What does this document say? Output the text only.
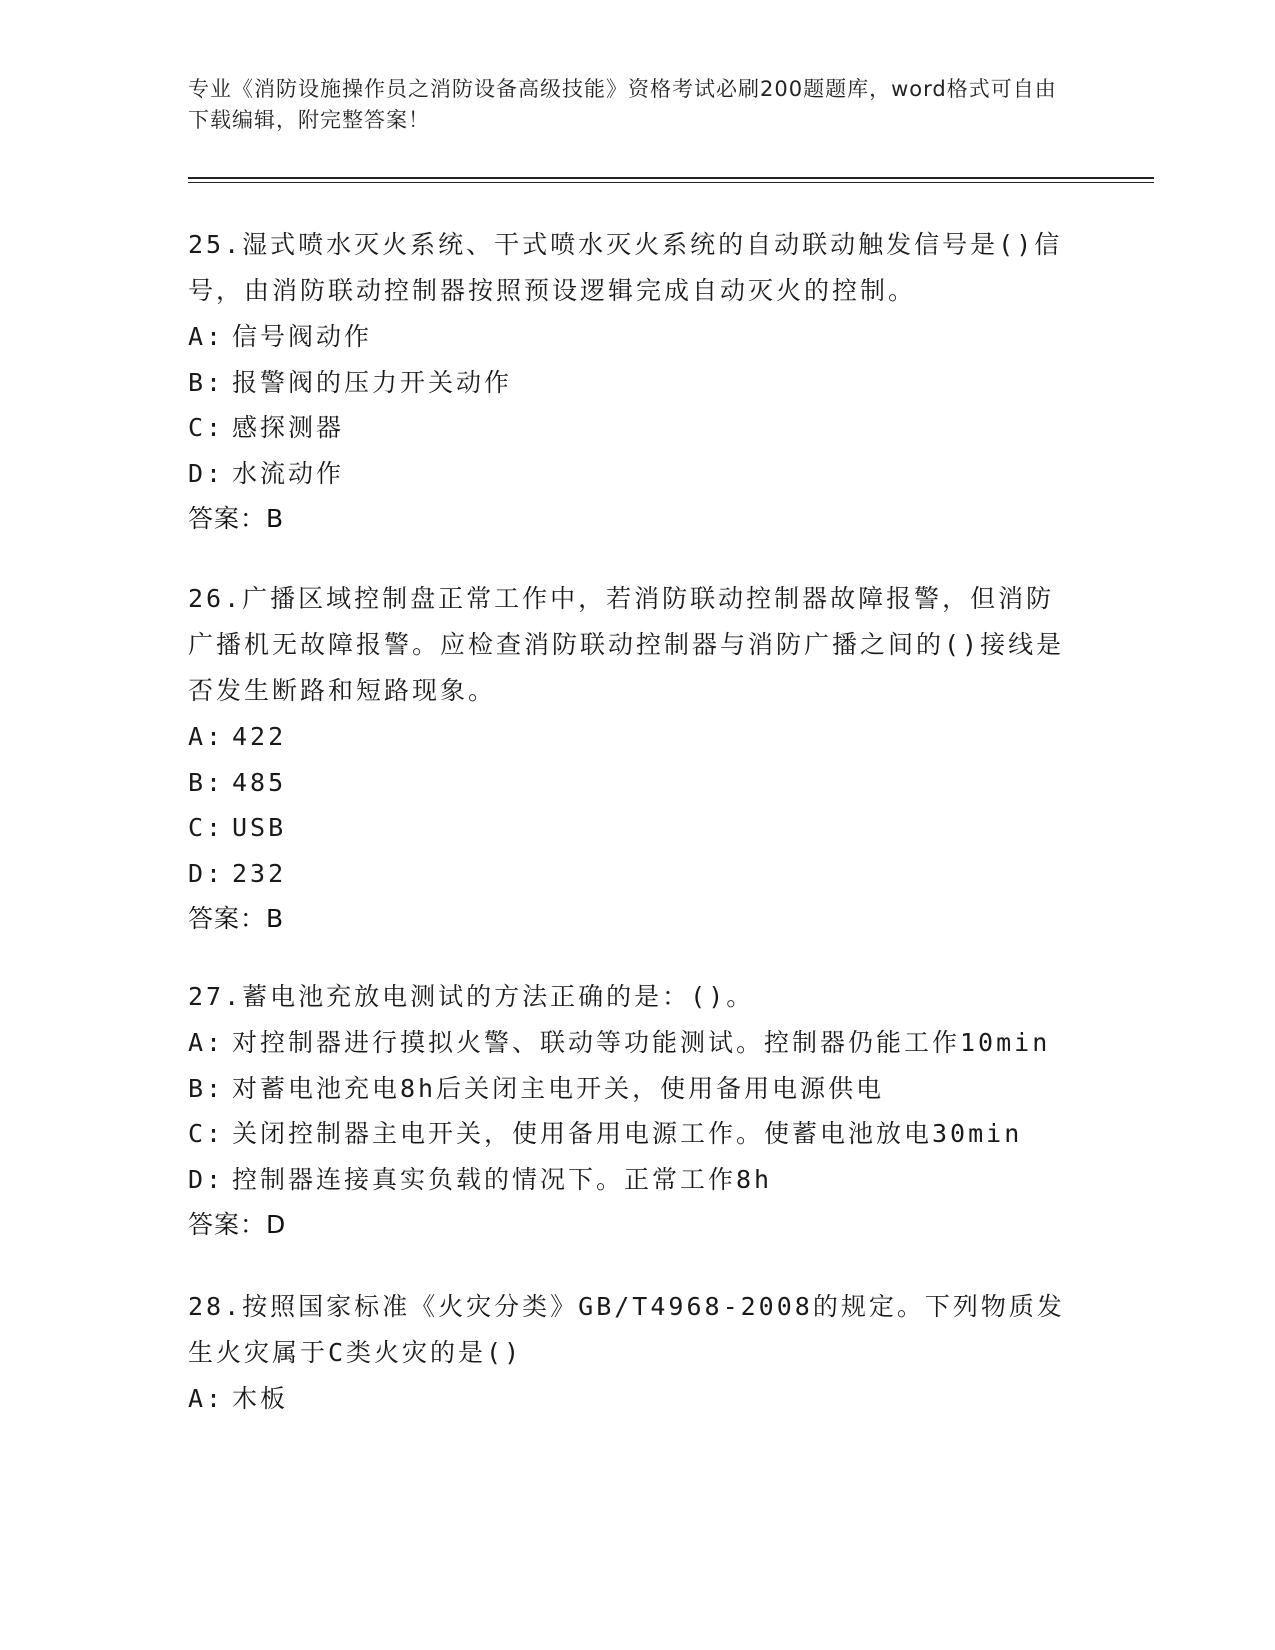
专业《消防设施操作员之消防设备高级技能》资格考试必刷200题题库，word格式可自由下载编辑，附完整答案！

25.湿式喷水灭火系统、干式喷水灭火系统的自动联动触发信号是()信号，由消防联动控制器按照预设逻辑完成自动灭火的控制。

A: 信号阀动作
B: 报警阀的压力开关动作
C: 感探测器
D: 水流动作
答案：B

26.广播区域控制盘正常工作中，若消防联动控制器故障报警，但消防广播机无故障报警。应检查消防联动控制器与消防广播之间的()接线是否发生断路和短路现象。

A: 422
B: 485
C: USB
D: 232
答案：B

27.蓄电池充放电测试的方法正确的是：()。

A: 对控制器进行摸拟火警、联动等功能测试。控制器仍能工作10min
B: 对蓄电池充电8h后关闭主电开关，使用备用电源供电
C: 关闭控制器主电开关，使用备用电源工作。使蓄电池放电30min
D: 控制器连接真实负载的情况下。正常工作8h
答案：D

28.按照国家标准《火灾分类》GB/T4968-2008的规定。下列物质发生火灾属于C类火灾的是()

A: 木板
